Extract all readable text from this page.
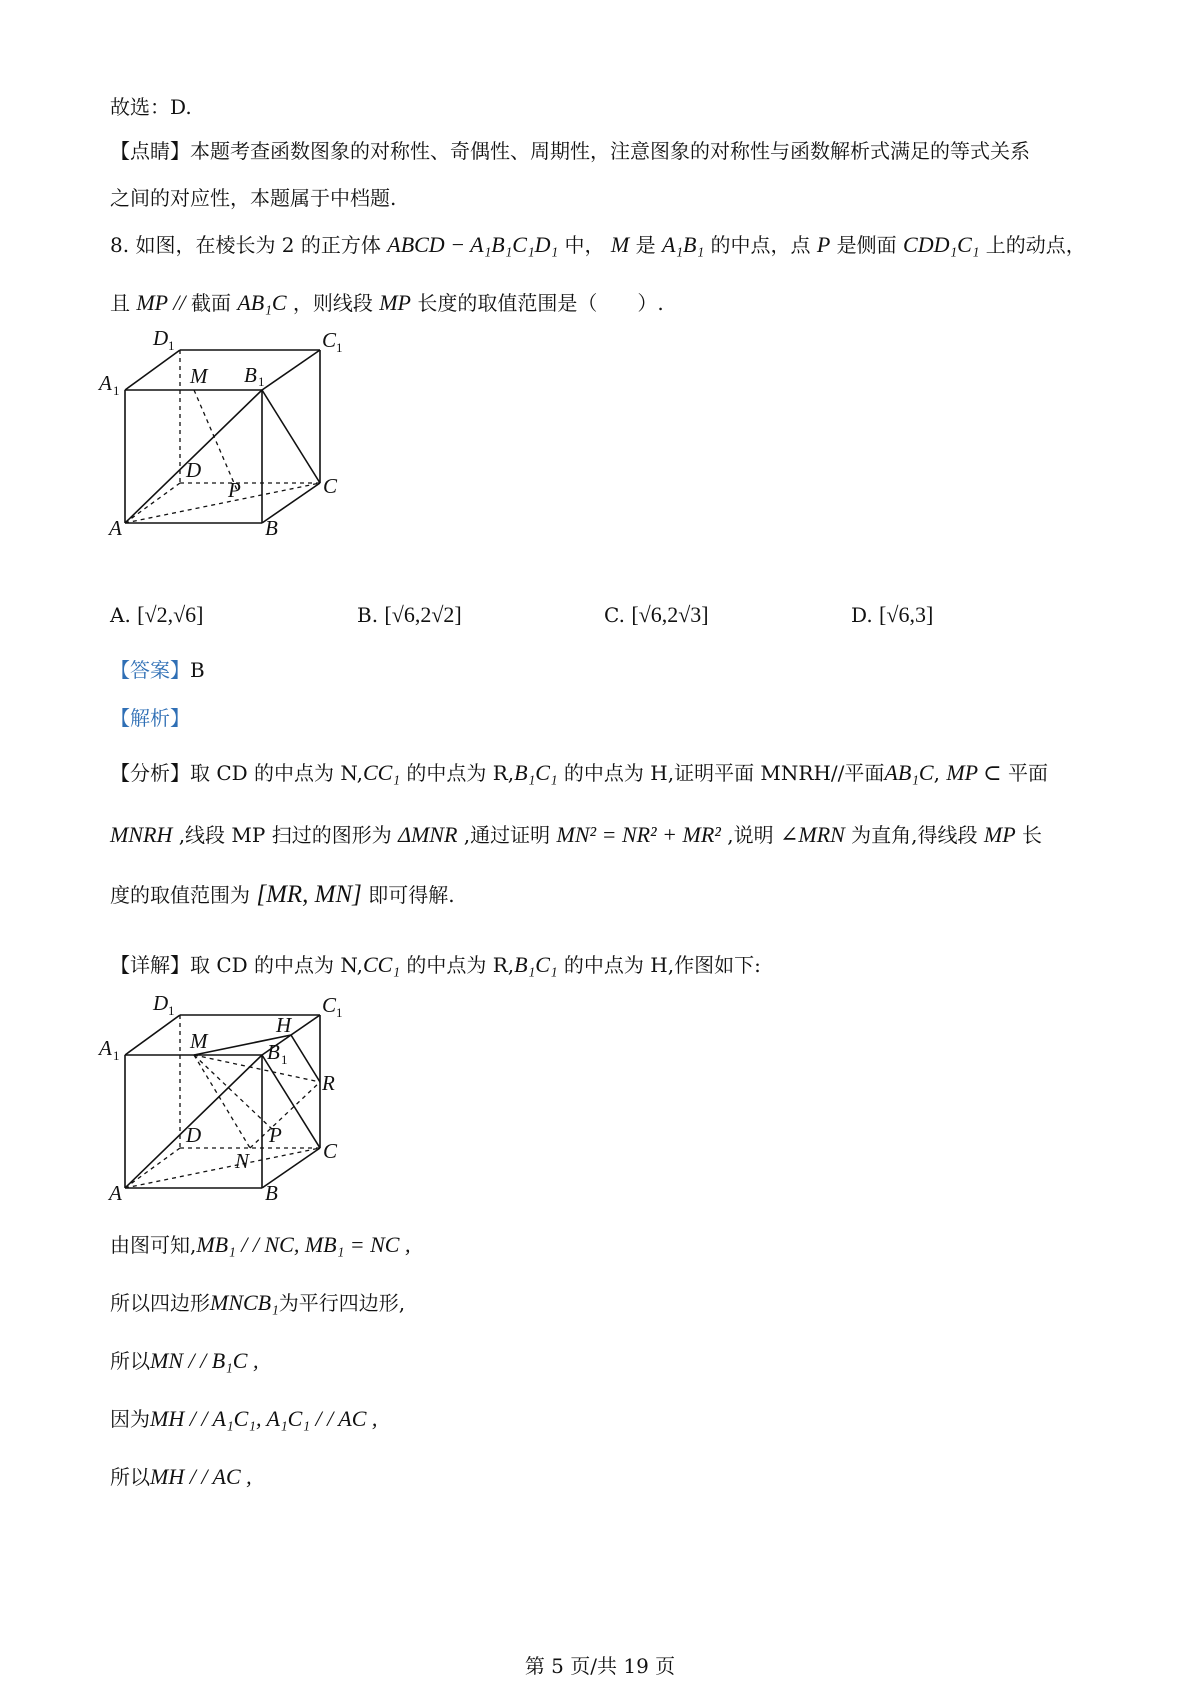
故选：D.
【点睛】本题考查函数图象的对称性、奇偶性、周期性，注意图象的对称性与函数解析式满足的等式关系
之间的对应性，本题属于中档题.
8. 如图，在棱长为 2 的正方体 ABCD − A₁B₁C₁D₁ 中， M 是 A₁B₁ 的中点，点 P 是侧面 CDD₁C₁ 上的动点，
且 MP // 截面 AB₁C ，则线段 MP 长度的取值范围是（　　）.
D 1	C 1
A 1
M B 1
D
P	C
A	B
A. [√2,√6]	B. [√6,2√2]	C. [√6,2√3]	D. [√6,3]
【答案】B
【解析】
【分析】取 CD 的中点为 N,CC₁ 的中点为 R,B₁C₁ 的中点为 H,证明平面 MNRH//平面AB₁C, MP ⊂ 平面
MNRH ,线段 MP 扫过的图形为 ΔMNR ,通过证明 MN² = NR² + MR² ,说明 ∠MRN 为直角,得线段 MP 长
度的取值范围为 [MR, MN] 即可得解.
【详解】取 CD 的中点为 N,CC₁ 的中点为 R,B₁C₁ 的中点为 H,作图如下:
D 1	C 1
H
A 1
M	B 1
R
D	P
N	C
A	B
由图可知,MB₁ / / NC, MB₁ = NC ,
所以四边形MNCB₁为平行四边形,
所以MN / / B₁C ,
因为MH / / A₁C₁, A₁C₁ / / AC ,
所以MH / / AC ,
第 5 页/共 19 页
